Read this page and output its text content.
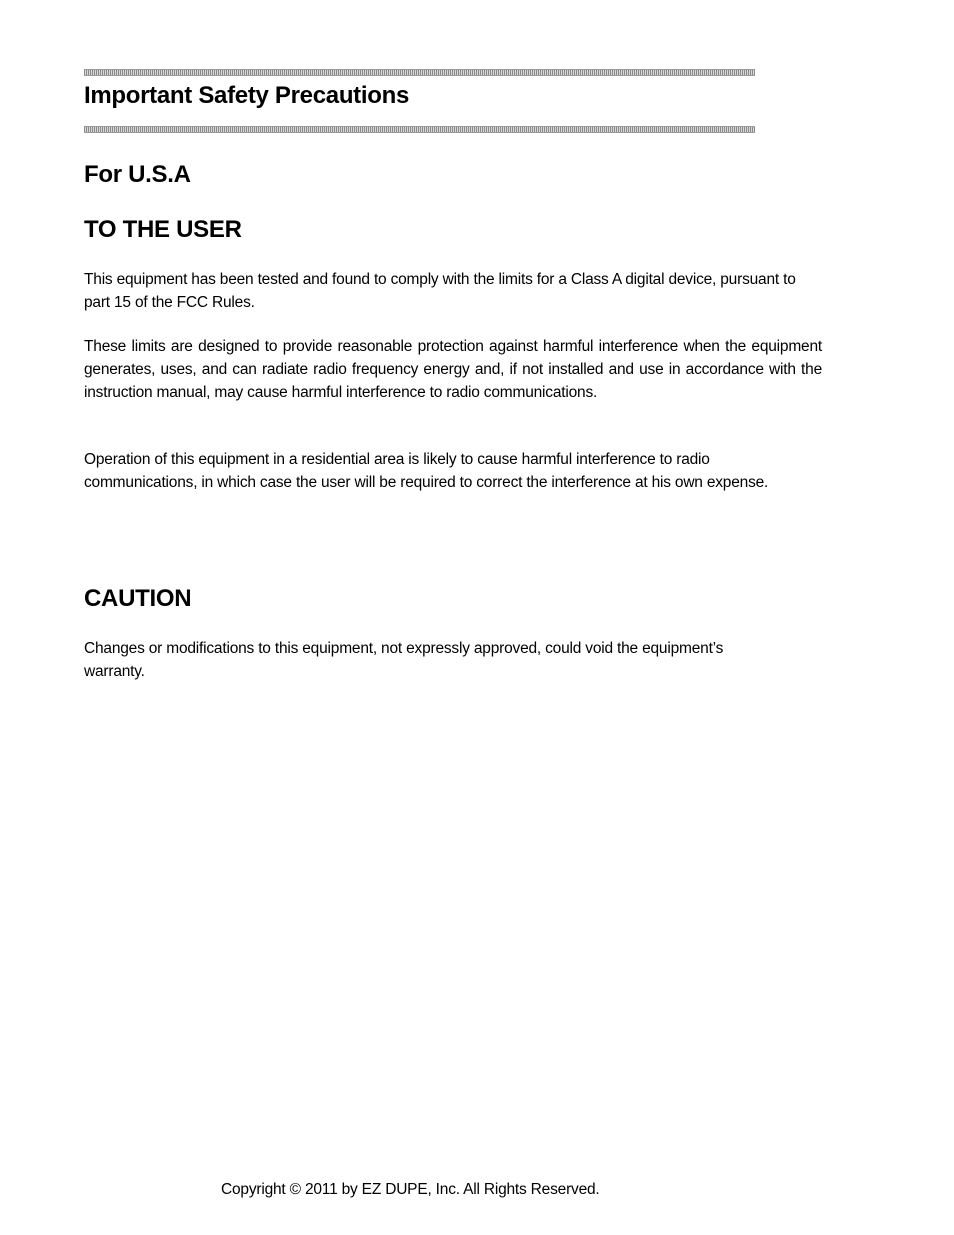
Important Safety Precautions
For U.S.A
TO THE USER

This equipment has been tested and found to comply with the limits for a Class A digital device, pursuant to part 15 of the FCC Rules.

These limits are designed to provide reasonable protection against harmful interference when the equipment generates, uses, and can radiate radio frequency energy and, if not installed and use in accordance with the instruction manual, may cause harmful interference to radio communications.

Operation of this equipment in a residential area is likely to cause harmful interference to radio communications, in which case the user will be required to correct the interference at his own expense.

CAUTION

Changes or modifications to this equipment, not expressly approved, could void the equipment’s warranty.

Copyright © 2011 by EZ DUPE, Inc. All Rights Reserved.
